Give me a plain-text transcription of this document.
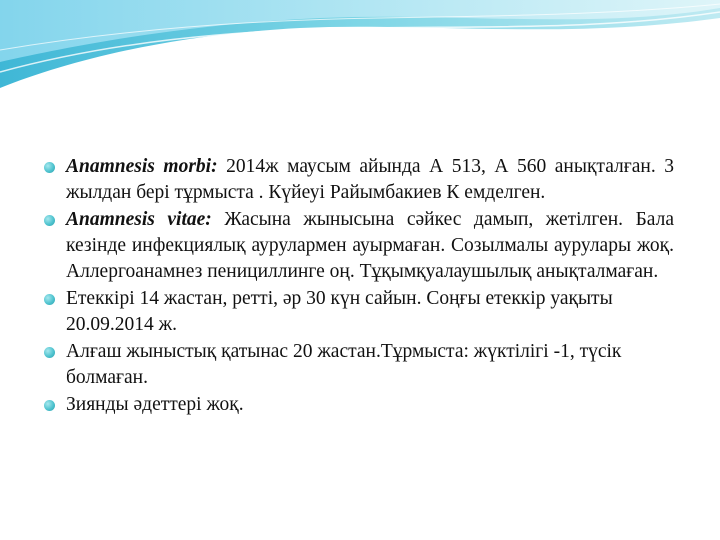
Anamnesis morbi: 2014ж маусым айында А 513, А 560 анықталған. 3 жылдан бері тұрмыста . Күйеуі Райымбакиев К емделген.
Anamnesis vitae: Жасына жынысына сәйкес дамып, жетілген. Бала кезінде инфекциялық аурулармен ауырмаған. Созылмалы аурулары жоқ. Аллергоанамнез пенициллинге оң. Тұқымқуалаушылық анықталмаған.
Етеккірі 14 жастан, ретті, әр 30 күн сайын. Соңғы етеккір уақыты 20.09.2014 ж.
Алғаш жыныстық қатынас 20 жастан.Тұрмыста: жүктілігі -1, түсік болмаған.
Зиянды әдеттері жоқ.
